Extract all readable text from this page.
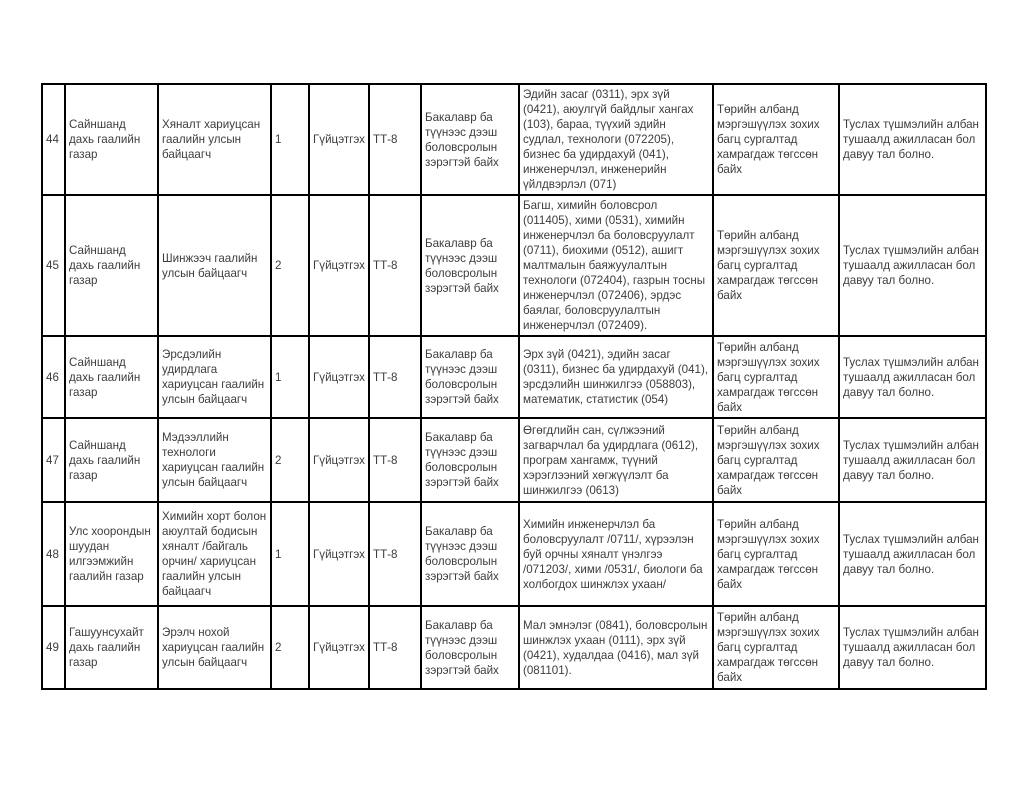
44	Сайншанд дахь гаалийн газар	Хяналт хариуцсан гаалийн улсын байцаагч	1	Гүйцэтгэх	ТТ-8	Бакалавр ба түүнээс дээш боловсролын зэрэгтэй байх	Эдийн засаг (0311), эрх зүй (0421), аюулгүй байдлыг хангах (103), бараа, түүхий эдийн судлал, технологи (072205), бизнес ба удирдахуй (041), инженерчлэл, инженерийн үйлдвэрлэл (071)	Төрийн албанд мэргэшүүлэх зохих багц сургалтад хамрагдаж төгссөн байх	Туслах түшмэлийн албан тушаалд ажилласан бол давуу тал болно.
45	Сайншанд дахь гаалийн газар	Шинжээч гаалийн улсын байцаагч	2	Гүйцэтгэх	ТТ-8	Бакалавр ба түүнээс дээш боловсролын зэрэгтэй байх	Багш, химийн боловсрол (011405), хими (0531), химийн инженерчлэл ба боловсруулалт (0711), биохими (0512), ашигт малтмалын баяжуулалтын технологи (072404), газрын тосны инженерчлэл (072406), эрдэс баялаг, боловсруулалтын инженерчлэл (072409).	Төрийн албанд мэргэшүүлэх зохих багц сургалтад хамрагдаж төгссөн байх	Туслах түшмэлийн албан тушаалд ажилласан бол давуу тал болно.
46	Сайншанд дахь гаалийн газар	Эрсдэлийн удирдлага хариуцсан гаалийн улсын байцаагч	1	Гүйцэтгэх	ТТ-8	Бакалавр ба түүнээс дээш боловсролын зэрэгтэй байх	Эрх зүй (0421), эдийн засаг (0311), бизнес ба удирдахуй (041), эрсдэлийн шинжилгээ (058803), математик, статистик (054)	Төрийн албанд мэргэшүүлэх зохих багц сургалтад хамрагдаж төгссөн байх	Туслах түшмэлийн албан тушаалд ажилласан бол давуу тал болно.
47	Сайншанд дахь гаалийн газар	Мэдээллийн технологи хариуцсан гаалийн улсын байцаагч	2	Гүйцэтгэх	ТТ-8	Бакалавр ба түүнээс дээш боловсролын зэрэгтэй байх	Өгөгдлийн сан, сүлжээний загварчлал ба удирдлага (0612), програм хангамж, түүний хэрэглээний хөгжүүлэлт ба шинжилгээ (0613)	Төрийн албанд мэргэшүүлэх зохих багц сургалтад хамрагдаж төгссөн байх	Туслах түшмэлийн албан тушаалд ажилласан бол давуу тал болно.
48	Улс хоорондын шуудан илгээмжийн гаалийн газар	Химийн хорт болон аюултай бодисын хяналт /байгаль орчин/ хариуцсан гаалийн улсын байцаагч	1	Гүйцэтгэх	ТТ-8	Бакалавр ба түүнээс дээш боловсролын зэрэгтэй байх	Химийн инженерчлэл ба боловсруулалт /0711/, хүрээлэн буй орчны хяналт үнэлгээ /071203/, хими /0531/, биологи ба холбогдох шинжлэх ухаан/	Төрийн албанд мэргэшүүлэх зохих багц сургалтад хамрагдаж төгссөн байх	Туслах түшмэлийн албан тушаалд ажилласан бол давуу тал болно.
49	Гашуунсухайт дахь гаалийн газар	Эрэлч нохой хариуцсан гаалийн улсын байцаагч	2	Гүйцэтгэх	ТТ-8	Бакалавр ба түүнээс дээш боловсролын зэрэгтэй байх	Мал эмнэлэг (0841), боловсролын шинжлэх ухаан (0111), эрх зүй (0421), худалдаа (0416), мал зүй (081101).	Төрийн албанд мэргэшүүлэх зохих багц сургалтад хамрагдаж төгссөн байх	Туслах түшмэлийн албан тушаалд ажилласан бол давуу тал болно.
